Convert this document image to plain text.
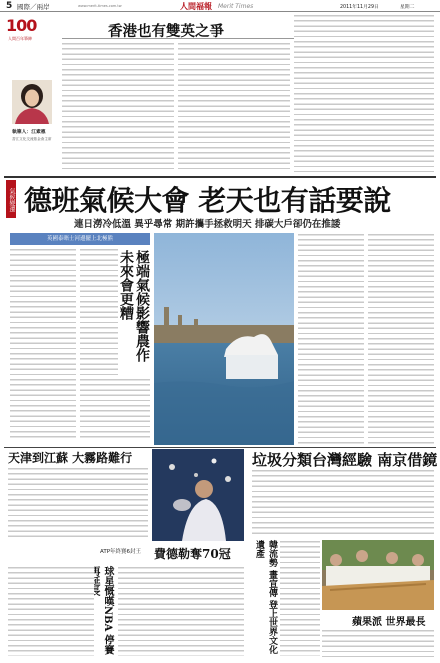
5 國際／兩岸	www.merit-times.com.tw	人間福報 Merit Times	2011年11月29日	星期二
100
人間百年筆陣
執筆人：江素惠
香江文化交流基金會主席
香港也有雙英之爭
氣候變遷 德班氣候大會 老天也有話要說
連日澇冷低溫 異乎尋常 期許攜手拯救明天 排碳大戶卻仍在推諉
英國泰晤士河邊擺上北極熊
極端氣候影響農作 未來會更糟
天津到江蘇 大霧路難行
ATP年終賽6封王 費德勒奪70冠
球星慨嘆NBA 停賽
垃圾分類台灣經驗 南京借鏡
韓流勢 畫宣傳 登上世界文化遺產
蘋果派 世界最長
